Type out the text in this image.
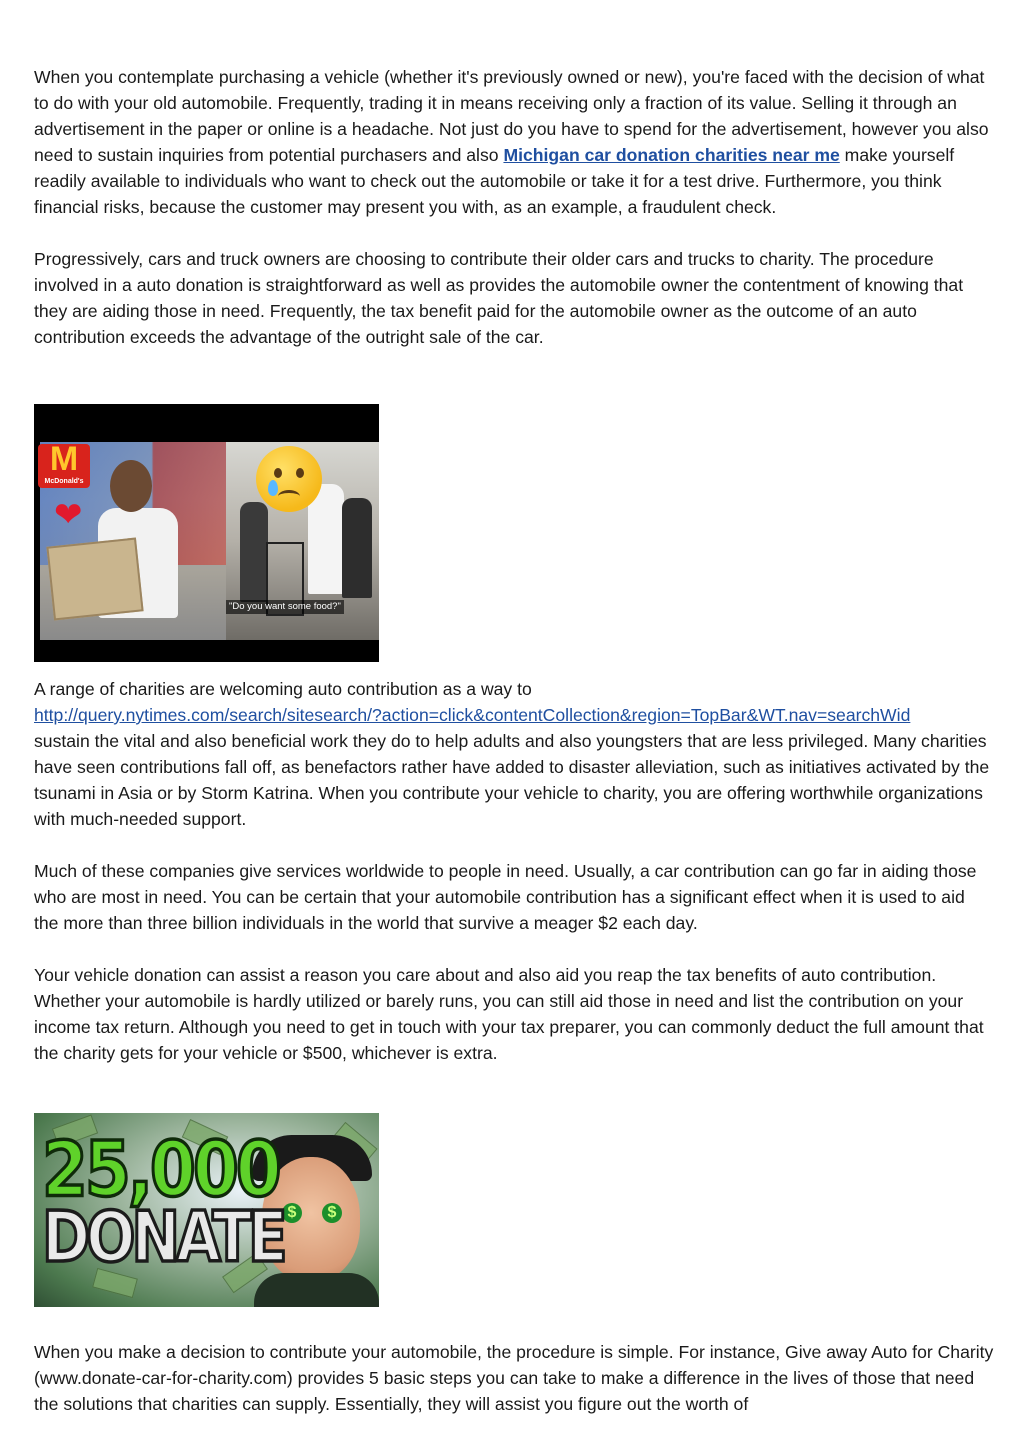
When you contemplate purchasing a vehicle (whether it's previously owned or new), you're faced with the decision of what to do with your old automobile. Frequently, trading it in means receiving only a fraction of its value. Selling it through an advertisement in the paper or online is a headache. Not just do you have to spend for the advertisement, however you also need to sustain inquiries from potential purchasers and also Michigan car donation charities near me make yourself readily available to individuals who want to check out the automobile or take it for a test drive. Furthermore, you think financial risks, because the customer may present you with, as an example, a fraudulent check.

Progressively, cars and truck owners are choosing to contribute their older cars and trucks to charity. The procedure involved in a auto donation is straightforward as well as provides the automobile owner the contentment of knowing that they are aiding those in need. Frequently, the tax benefit paid for the automobile owner as the outcome of an auto contribution exceeds the advantage of the outright sale of the car.

M
McDonald's
❤
"Do you want some food?"

A range of charities are welcoming auto contribution as a way to

http://query.nytimes.com/search/sitesearch/?action=click&contentCollection&region=TopBar&WT.nav=searchWid

sustain the vital and also beneficial work they do to help adults and also youngsters that are less privileged. Many charities have seen contributions fall off, as benefactors rather have added to disaster alleviation, such as initiatives activated by the tsunami in Asia or by Storm Katrina. When you contribute your vehicle to charity, you are offering worthwhile organizations with much-needed support.

Much of these companies give services worldwide to people in need. Usually, a car contribution can go far in aiding those who are most in need. You can be certain that your automobile contribution has a significant effect when it is used to aid the more than three billion individuals in the world that survive a meager $2 each day.

Your vehicle donation can assist a reason you care about and also aid you reap the tax benefits of auto contribution. Whether your automobile is hardly utilized or barely runs, you can still aid those in need and list the contribution on your income tax return. Although you need to get in touch with your tax preparer, you can commonly deduct the full amount that the charity gets for your vehicle or $500, whichever is extra.

$	$
25,000
DONATE

When you make a decision to contribute your automobile, the procedure is simple. For instance, Give away Auto for Charity (www.donate-car-for-charity.com) provides 5 basic steps you can take to make a difference in the lives of those that need the solutions that charities can supply. Essentially, they will assist you figure out the worth of
